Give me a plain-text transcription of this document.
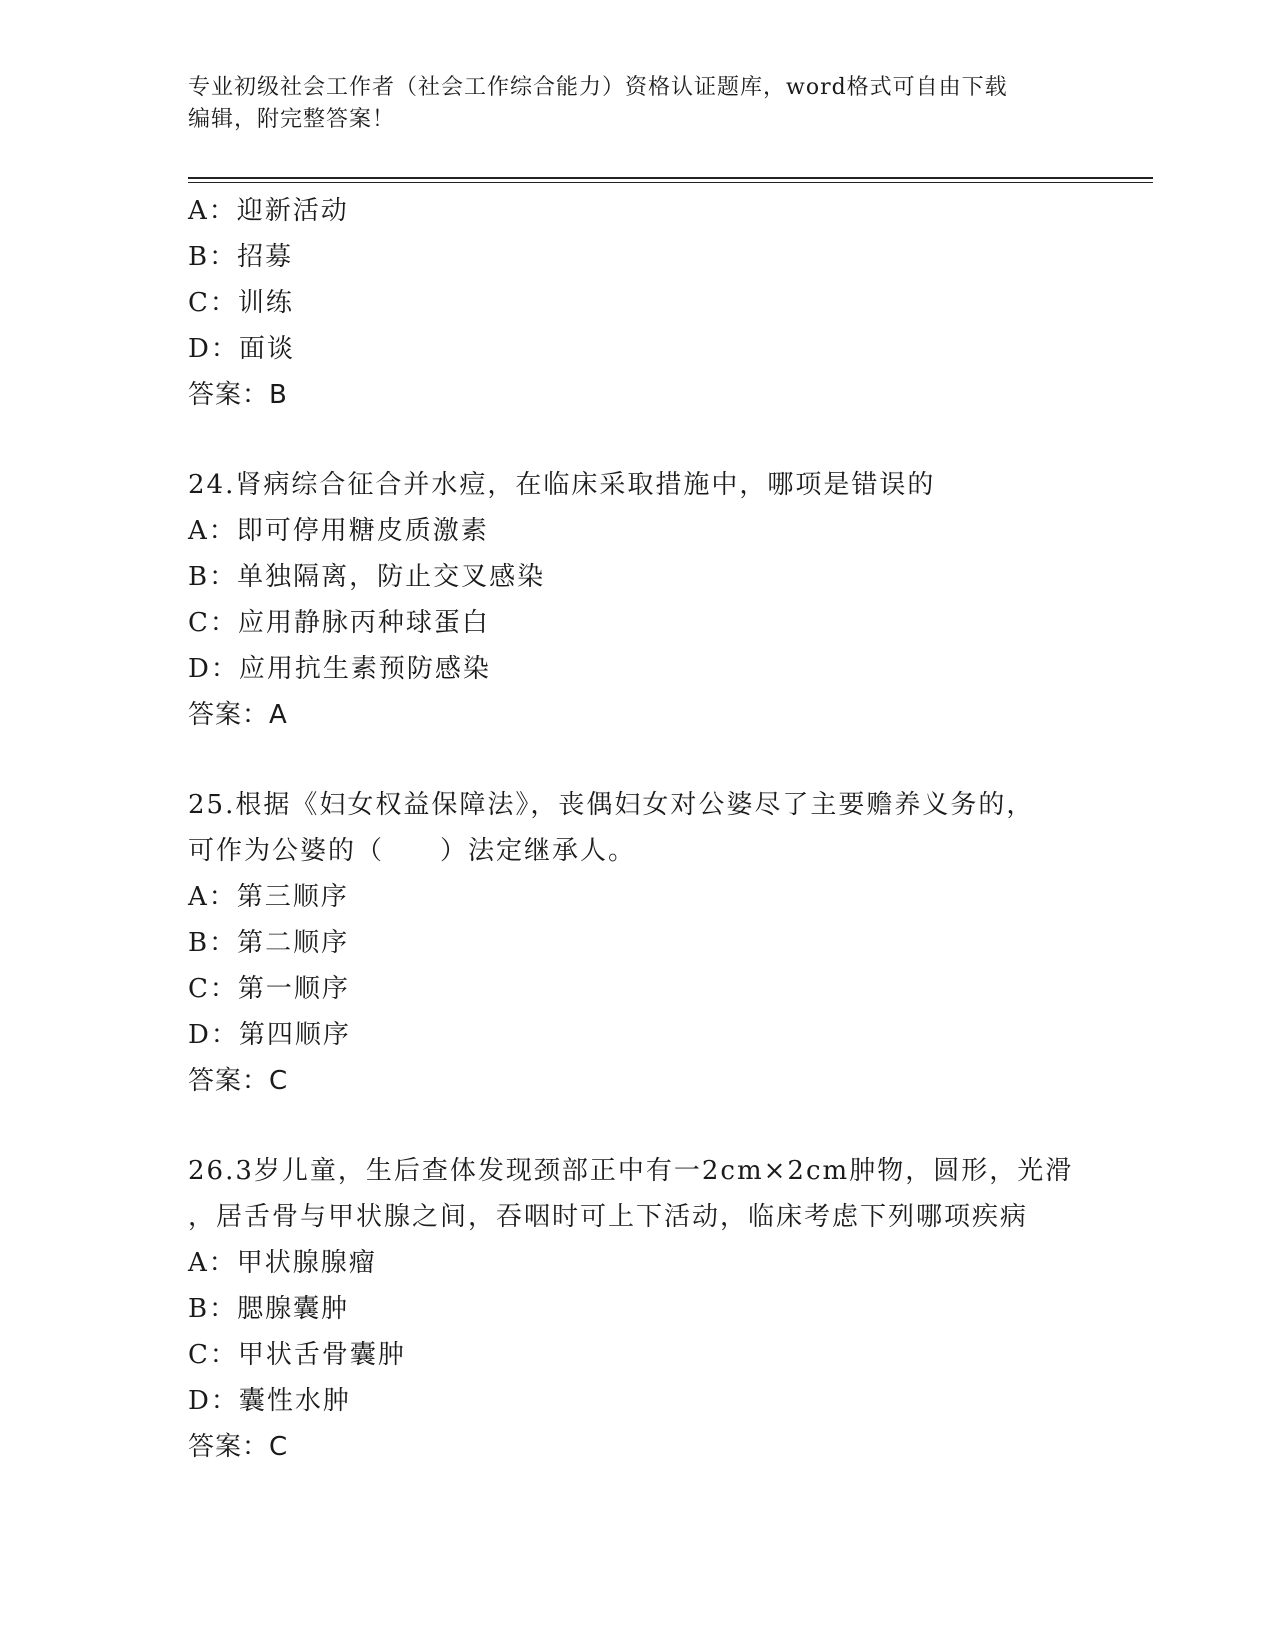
专业初级社会工作者（社会工作综合能力）资格认证题库，word格式可自由下载
编辑，附完整答案！
A：迎新活动
B：招募
C：训练
D：面谈
答案：B
24.肾病综合征合并水痘，在临床采取措施中，哪项是错误的
A：即可停用糖皮质激素
B：单独隔离，防止交叉感染
C：应用静脉丙种球蛋白
D：应用抗生素预防感染
答案：A
25.根据《妇女权益保障法》，丧偶妇女对公婆尽了主要赡养义务的，
可作为公婆的（　　）法定继承人。
A：第三顺序
B：第二顺序
C：第一顺序
D：第四顺序
答案：C
26.3岁儿童，生后查体发现颈部正中有一2cm×2cm肿物，圆形，光滑
，居舌骨与甲状腺之间，吞咽时可上下活动，临床考虑下列哪项疾病
A：甲状腺腺瘤
B：腮腺囊肿
C：甲状舌骨囊肿
D：囊性水肿
答案：C
